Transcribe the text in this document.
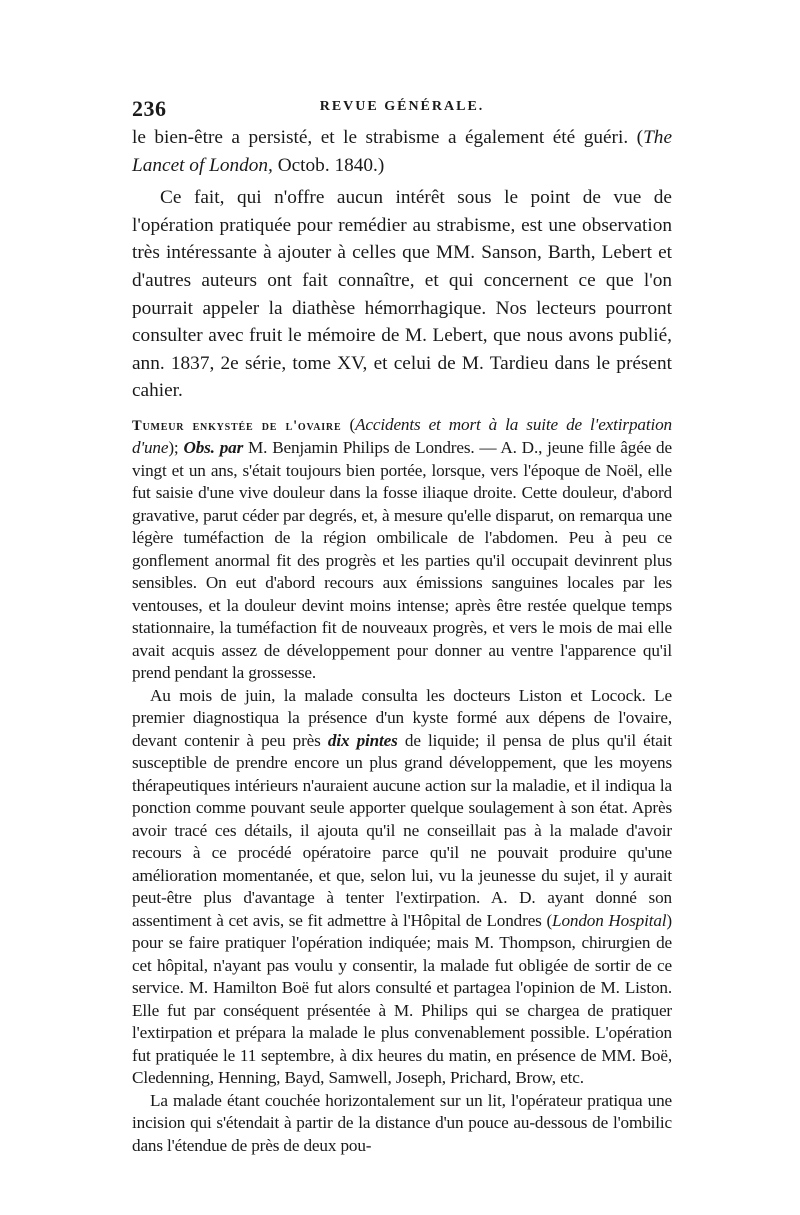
236	REVUE GÉNÉRALE.

le bien-être a persisté, et le strabisme a également été guéri. (The Lancet of London, Octob. 1840.)

Ce fait, qui n'offre aucun intérêt sous le point de vue de l'opération pratiquée pour remédier au strabisme, est une observation très intéressante à ajouter à celles que MM. Sanson, Barth, Lebert et d'autres auteurs ont fait connaître, et qui concernent ce que l'on pourrait appeler la diathèse hémorrhagique. Nos lecteurs pourront consulter avec fruit le mémoire de M. Lebert, que nous avons publié, ann. 1837, 2e série, tome XV, et celui de M. Tardieu dans le présent cahier.

Tumeur enkystée de l'ovaire (Accidents et mort à la suite de l'extirpation d'une); Obs. par M. Benjamin Philips de Londres. — A. D., jeune fille âgée de vingt et un ans, s'était toujours bien portée, lorsque, vers l'époque de Noël, elle fut saisie d'une vive douleur dans la fosse iliaque droite. Cette douleur, d'abord gravative, parut céder par degrés, et, à mesure qu'elle disparut, on remarqua une légère tuméfaction de la région ombilicale de l'abdomen. Peu à peu ce gonflement anormal fit des progrès et les parties qu'il occupait devinrent plus sensibles. On eut d'abord recours aux émissions sanguines locales par les ventouses, et la douleur devint moins intense; après être restée quelque temps stationnaire, la tuméfaction fit de nouveaux progrès, et vers le mois de mai elle avait acquis assez de développement pour donner au ventre l'apparence qu'il prend pendant la grossesse.

Au mois de juin, la malade consulta les docteurs Liston et Locock. Le premier diagnostiqua la présence d'un kyste formé aux dépens de l'ovaire, devant contenir à peu près dix pintes de liquide; il pensa de plus qu'il était susceptible de prendre encore un plus grand développement, que les moyens thérapeutiques intérieurs n'auraient aucune action sur la maladie, et il indiqua la ponction comme pouvant seule apporter quelque soulagement à son état. Après avoir tracé ces détails, il ajouta qu'il ne conseillait pas à la malade d'avoir recours à ce procédé opératoire parce qu'il ne pouvait produire qu'une amélioration momentanée, et que, selon lui, vu la jeunesse du sujet, il y aurait peut-être plus d'avantage à tenter l'extirpation. A. D. ayant donné son assentiment à cet avis, se fit admettre à l'Hôpital de Londres (London Hospital) pour se faire pratiquer l'opération indiquée; mais M. Thompson, chirurgien de cet hôpital, n'ayant pas voulu y consentir, la malade fut obligée de sortir de ce service. M. Hamilton Boë fut alors consulté et partagea l'opinion de M. Liston. Elle fut par conséquent présentée à M. Philips qui se chargea de pratiquer l'extirpation et prépara la malade le plus convenablement possible. L'opération fut pratiquée le 11 septembre, à dix heures du matin, en présence de MM. Boë, Cledenning, Henning, Bayd, Samwell, Joseph, Prichard, Brow, etc.

La malade étant couchée horizontalement sur un lit, l'opérateur pratiqua une incision qui s'étendait à partir de la distance d'un pouce au-dessous de l'ombilic dans l'étendue de près de deux pou-
